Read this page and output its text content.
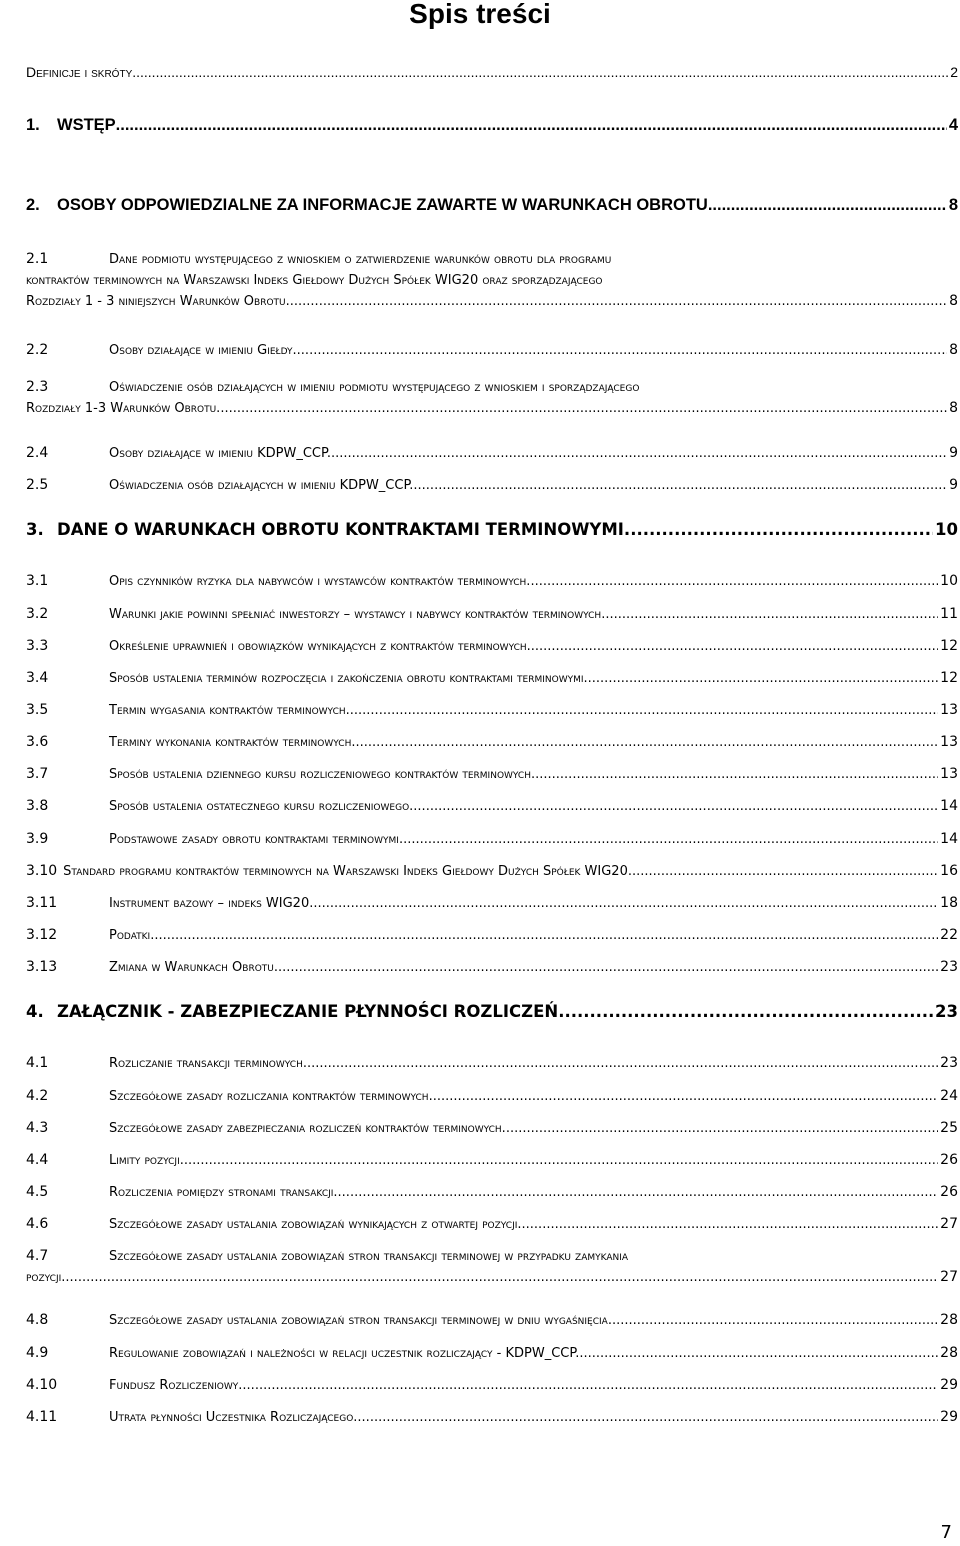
Spis treści
Definicje i skróty .....	2
1.	WSTĘP .....	4
2.	OSOBY ODPOWIEDZIALNE ZA INFORMACJE ZAWARTE W WARUNKACH OBROTU. .....	8
2.1	Dane podmiotu występującego z wnioskiem o zatwierdzenie warunków obrotu dla programu
kontraktów terminowych na Warszawski Indeks Giełdowy Dużych Spółek WIG20 oraz sporządzającego
Rozdziały 1 - 3 niniejszych Warunków Obrotu. .....	8
2.2	Osoby działające w imieniu Giełdy. .....	8
2.3	Oświadczenie osób działających w imieniu podmiotu występującego z wnioskiem i sporządzającego
Rozdziały 1-3 Warunków Obrotu. .....	8
2.4	Osoby działające w imieniu KDPW_CCP. .....	9
2.5	Oświadczenia osób działających w imieniu KDPW_CCP. .....	9
3. DANE O WARUNKACH OBROTU KONTRAKTAMI TERMINOWYMI. .....	10
3.1	Opis czynników ryzyka dla nabywców i wystawców kontraktów terminowych. .....	10
3.2	Warunki jakie powinni spełniać inwestorzy – wystawcy i nabywcy kontraktów terminowych. .....	11
3.3	Określenie uprawnień i obowiązków wynikających z kontraktów terminowych. .....	12
3.4	Sposób ustalenia terminów rozpoczęcia i zakończenia obrotu kontraktami terminowymi. .....	12
3.5	Termin wygasania kontraktów terminowych. .....	13
3.6	Terminy wykonania kontraktów terminowych. .....	13
3.7	Sposób ustalenia dziennego kursu rozliczeniowego kontraktów terminowych. .....	13
3.8	Sposób ustalenia ostatecznego kursu rozliczeniowego. .....	14
3.9	Podstawowe zasady obrotu kontraktami terminowymi. .....	14
3.10 Standard programu kontraktów terminowych na Warszawski Indeks Giełdowy Dużych Spółek WIG20. .....	16
3.11	Instrument bazowy – indeks WIG20. .....	18
3.12	Podatki. .....	22
3.13	Zmiana w Warunkach Obrotu. .....	23
4. ZAŁĄCZNIK - ZABEZPIECZANIE PŁYNNOŚCI ROZLICZEŃ. .....	23
4.1	Rozliczanie transakcji terminowych. .....	23
4.2	Szczegółowe zasady rozliczania kontraktów terminowych. .....	24
4.3	Szczegółowe zasady zabezpieczania rozliczeń kontraktów terminowych. .....	25
4.4	Limity pozycji. .....	26
4.5	Rozliczenia pomiędzy stronami transakcji. .....	26
4.6	Szczegółowe zasady ustalania zobowiązań wynikających z otwartej pozycji. .....	27
4.7	Szczegółowe zasady ustalania zobowiązań stron transakcji terminowej w przypadku zamykania
pozycji. .....	27
4.8	Szczegółowe zasady ustalania zobowiązań stron transakcji terminowej w dniu wygaśnięcia. .....	28
4.9	Regulowanie zobowiązań i należności w relacji uczestnik rozliczający - KDPW_CCP. .....	28
4.10	Fundusz Rozliczeniowy. .....	29
4.11	Utrata płynności Uczestnika Rozliczającego. .....	29
7
